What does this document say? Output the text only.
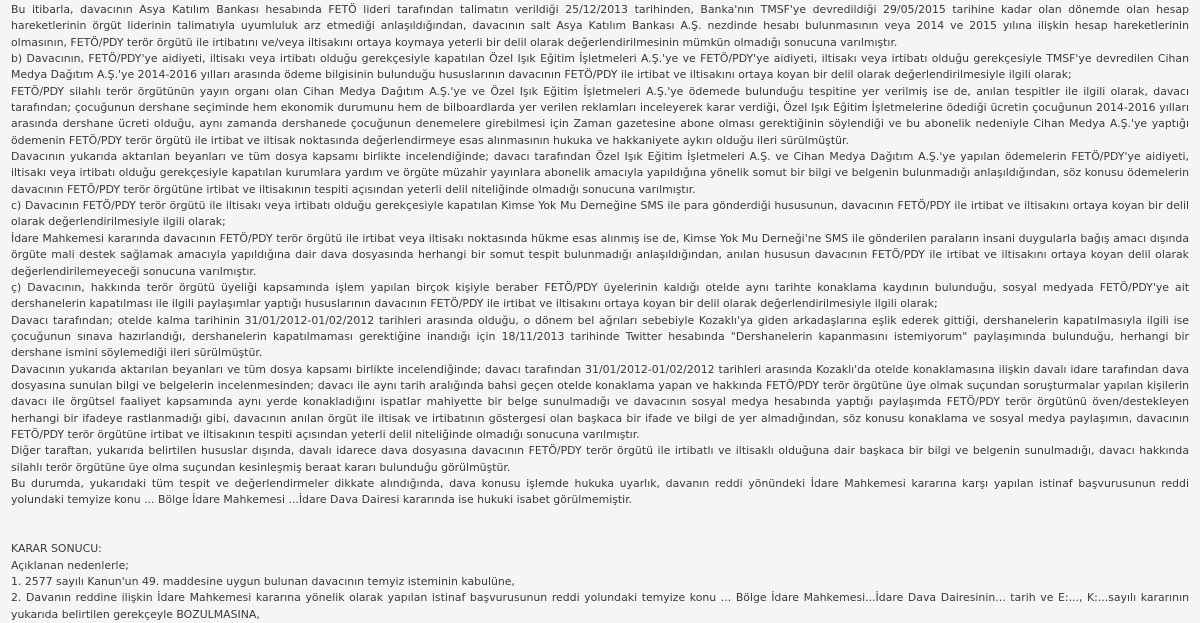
Bu itibarla, davacının Asya Katılım Bankası hesabında FETÖ lideri tarafından talimatın verildiği 25/12/2013 tarihinden, Banka'nın TMSF'ye devredildiği 29/05/2015 tarihine kadar olan dönemde olan hesap hareketlerinin örgüt liderinin talimatıyla uyumluluk arz etmediği anlaşıldığından, davacının salt Asya Katılım Bankası A.Ş. nezdinde hesabı bulunmasının veya 2014 ve 2015 yılına ilişkin hesap hareketlerinin olmasının, FETÖ/PDY terör örgütü ile irtibatını ve/veya iltisakını ortaya koymaya yeterli bir delil olarak değerlendirilmesinin mümkün olmadığı sonucuna varılmıştır.

b) Davacının, FETÖ/PDY'ye aidiyeti, iltisakı veya irtibatı olduğu gerekçesiyle kapatılan Özel Işık Eğitim İşletmeleri A.Ş.'ye ve FETÖ/PDY'ye aidiyeti, iltisakı veya irtibatı olduğu gerekçesiyle TMSF'ye devredilen Cihan Medya Dağıtım A.Ş.'ye 2014-2016 yılları arasında ödeme bilgisinin bulunduğu hususlarının davacının FETÖ/PDY ile irtibat ve iltisakını ortaya koyan bir delil olarak değerlendirilmesiyle ilgili olarak;

FETÖ/PDY silahlı terör örgütünün yayın organı olan Cihan Medya Dağıtım A.Ş.'ye ve Özel Işık Eğitim İşletmeleri A.Ş.'ye ödemede bulunduğu tespitine yer verilmiş ise de, anılan tespitler ile ilgili olarak, davacı tarafından; çocuğunun dershane seçiminde hem ekonomik durumunu hem de bilboardlarda yer verilen reklamları inceleyerek karar verdiği, Özel Işık Eğitim İşletmelerine ödediği ücretin çocuğunun 2014-2016 yılları arasında dershane ücreti olduğu, aynı zamanda dershanede çocuğunun denemelere girebilmesi için Zaman gazetesine abone olması gerektiğinin söylendiği ve bu abonelik nedeniyle Cihan Medya A.Ş.'ye yaptığı ödemenin FETÖ/PDY terör örgütü ile irtibat ve iltisak noktasında değerlendirmeye esas alınmasının hukuka ve hakkaniyete aykırı olduğu ileri sürülmüştür.

Davacının yukarıda aktarılan beyanları ve tüm dosya kapsamı birlikte incelendiğinde; davacı tarafından Özel Işık Eğitim İşletmeleri A.Ş. ve Cihan Medya Dağıtım A.Ş.'ye yapılan ödemelerin FETÖ/PDY'ye aidiyeti, iltisakı veya irtibatı olduğu gerekçesiyle kapatılan kurumlara yardım ve örgüte müzahir yayınlara abonelik amacıyla yapıldığına yönelik somut bir bilgi ve belgenin bulunmadığı anlaşıldığından, söz konusu ödemelerin davacının FETÖ/PDY terör örgütüne irtibat ve iltisakının tespiti açısından yeterli delil niteliğinde olmadığı sonucuna varılmıştır.

c) Davacının FETÖ/PDY terör örgütü ile iltisakı veya irtibatı olduğu gerekçesiyle kapatılan Kimse Yok Mu Derneğine SMS ile para gönderdiği hususunun, davacının FETÖ/PDY ile irtibat ve iltisakını ortaya koyan bir delil olarak değerlendirilmesiyle ilgili olarak;

İdare Mahkemesi kararında davacının FETÖ/PDY terör örgütü ile irtibat veya iltisakı noktasında hükme esas alınmış ise de, Kimse Yok Mu Derneği'ne SMS ile gönderilen paraların insani duygularla bağış amacı dışında örgüte mali destek sağlamak amacıyla yapıldığına dair dava dosyasında herhangi bir somut tespit bulunmadığı anlaşıldığından, anılan hususun davacının FETÖ/PDY ile irtibat ve iltisakını ortaya koyan delil olarak değerlendirilemeyeceği sonucuna varılmıştır.

ç) Davacının, hakkında terör örgütü üyeliği kapsamında işlem yapılan birçok kişiyle beraber FETÖ/PDY üyelerinin kaldığı otelde aynı tarihte konaklama kaydının bulunduğu, sosyal medyada FETÖ/PDY'ye ait dershanelerin kapatılması ile ilgili paylaşımlar yaptığı hususlarının davacının FETÖ/PDY ile irtibat ve iltisakını ortaya koyan bir delil olarak değerlendirilmesiyle ilgili olarak;

Davacı tarafından; otelde kalma tarihinin 31/01/2012-01/02/2012 tarihleri arasında olduğu, o dönem bel ağrıları sebebiyle Kozaklı'ya giden arkadaşlarına eşlik ederek gittiği, dershanelerin kapatılmasıyla ilgili ise çocuğunun sınava hazırlandığı, dershanelerin kapatılmaması gerektiğine inandığı için 18/11/2013 tarihinde Twitter hesabında "Dershanelerin kapanmasını istemiyorum" paylaşımında bulunduğu, herhangi bir dershane ismini söylemediği ileri sürülmüştür.

Davacının yukarıda aktarılan beyanları ve tüm dosya kapsamı birlikte incelendiğinde; davacı tarafından 31/01/2012-01/02/2012 tarihleri arasında Kozaklı'da otelde konaklamasına ilişkin davalı idare tarafından dava dosyasına sunulan bilgi ve belgelerin incelenmesinden; davacı ile aynı tarih aralığında bahsi geçen otelde konaklama yapan ve hakkında FETÖ/PDY terör örgütüne üye olmak suçundan soruşturmalar yapılan kişilerin davacı ile örgütsel faaliyet kapsamında aynı yerde konakladığını ispatlar mahiyette bir belge sunulmadığı ve davacının sosyal medya hesabında yaptığı paylaşımda FETÖ/PDY terör örgütünü öven/destekleyen herhangi bir ifadeye rastlanmadığı gibi, davacının anılan örgüt ile iltisak ve irtibatının göstergesi olan başkaca bir ifade ve bilgi de yer almadığından, söz konusu konaklama ve sosyal medya paylaşımın, davacının FETÖ/PDY terör örgütüne irtibat ve iltisakının tespiti açısından yeterli delil niteliğinde olmadığı sonucuna varılmıştır.

Diğer taraftan, yukarıda belirtilen hususlar dışında, davalı idarece dava dosyasına davacının FETÖ/PDY terör örgütü ile irtibatlı ve iltisaklı olduğuna dair başkaca bir bilgi ve belgenin sunulmadığı, davacı hakkında silahlı terör örgütüne üye olma suçundan kesinleşmiş beraat kararı bulunduğu görülmüştür.

Bu durumda, yukarıdaki tüm tespit ve değerlendirmeler dikkate alındığında, dava konusu işlemde hukuka uyarlık, davanın reddi yönündeki İdare Mahkemesi kararına karşı yapılan istinaf başvurusunun reddi yolundaki temyize konu ... Bölge İdare Mahkemesi ...İdare Dava Dairesi kararında ise hukuki isabet görülmemiştir.

KARAR SONUCU:

Açıklanan nedenlerle;

1. 2577 sayılı Kanun'un 49. maddesine uygun bulunan davacının temyiz isteminin kabulüne,

2. Davanın reddine ilişkin İdare Mahkemesi kararına yönelik olarak yapılan istinaf başvurusunun reddi yolundaki temyize konu ... Bölge İdare Mahkemesi...İdare Dava Dairesinin... tarih ve E:..., K:...sayılı kararının yukarıda belirtilen gerekçeyle BOZULMASINA,
